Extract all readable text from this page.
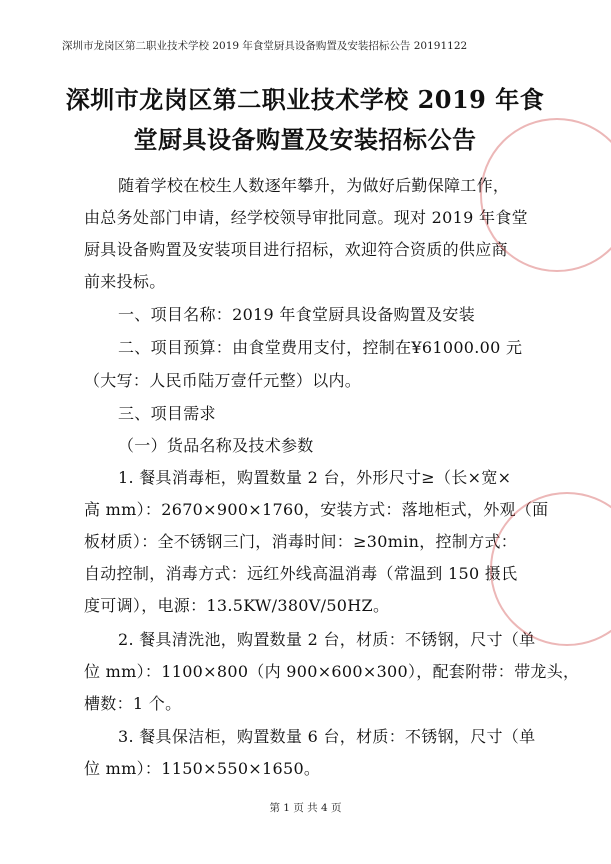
深圳市龙岗区第二职业技术学校 2019 年食堂厨具设备购置及安装招标公告 20191122
深圳市龙岗区第二职业技术学校 2019 年食
堂厨具设备购置及安装招标公告
随着学校在校生人数逐年攀升，为做好后勤保障工作，
由总务处部门申请，经学校领导审批同意。现对 2019 年食堂
厨具设备购置及安装项目进行招标，欢迎符合资质的供应商
前来投标。
一、项目名称：2019 年食堂厨具设备购置及安装
二、项目预算：由食堂费用支付，控制在¥61000.00 元
（大写：人民币陆万壹仟元整）以内。
三、项目需求
（一）货品名称及技术参数
1. 餐具消毒柜，购置数量 2 台，外形尺寸≥（长×宽×
高 mm）：2670×900×1760，安装方式：落地柜式，外观（面
板材质）：全不锈钢三门，消毒时间：≥30min，控制方式：
自动控制，消毒方式：远红外线高温消毒（常温到 150 摄氏
度可调），电源：13.5KW/380V/50HZ。
2. 餐具清洗池，购置数量 2 台，材质：不锈钢，尺寸（单
位 mm）：1100×800（内 900×600×300），配套附带：带龙头，
槽数：1 个。
3. 餐具保洁柜，购置数量 6 台，材质：不锈钢，尺寸（单
位 mm）：1150×550×1650。
第 1 页 共 4 页
